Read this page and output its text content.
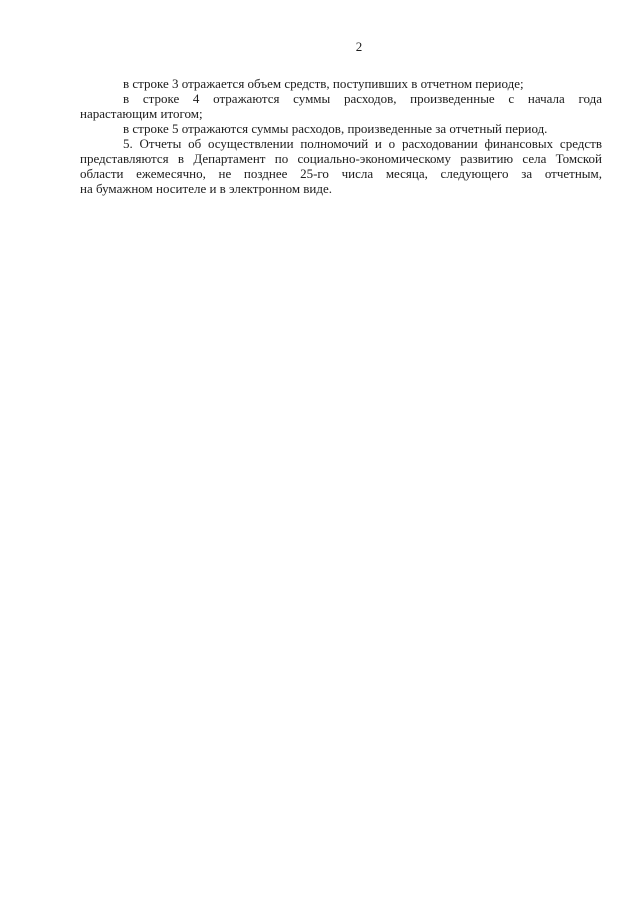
2
в строке 3 отражается объем средств, поступивших в отчетном периоде;
в строке 4 отражаются суммы расходов, произведенные с начала года
нарастающим итогом;
в строке 5 отражаются суммы расходов, произведенные за отчетный период.
5. Отчеты об осуществлении полномочий и о расходовании финансовых средств
представляются в Департамент по социально-экономическому развитию села Томской
области ежемесячно, не позднее 25-го числа месяца, следующего за отчетным,
на бумажном носителе и в электронном виде.
